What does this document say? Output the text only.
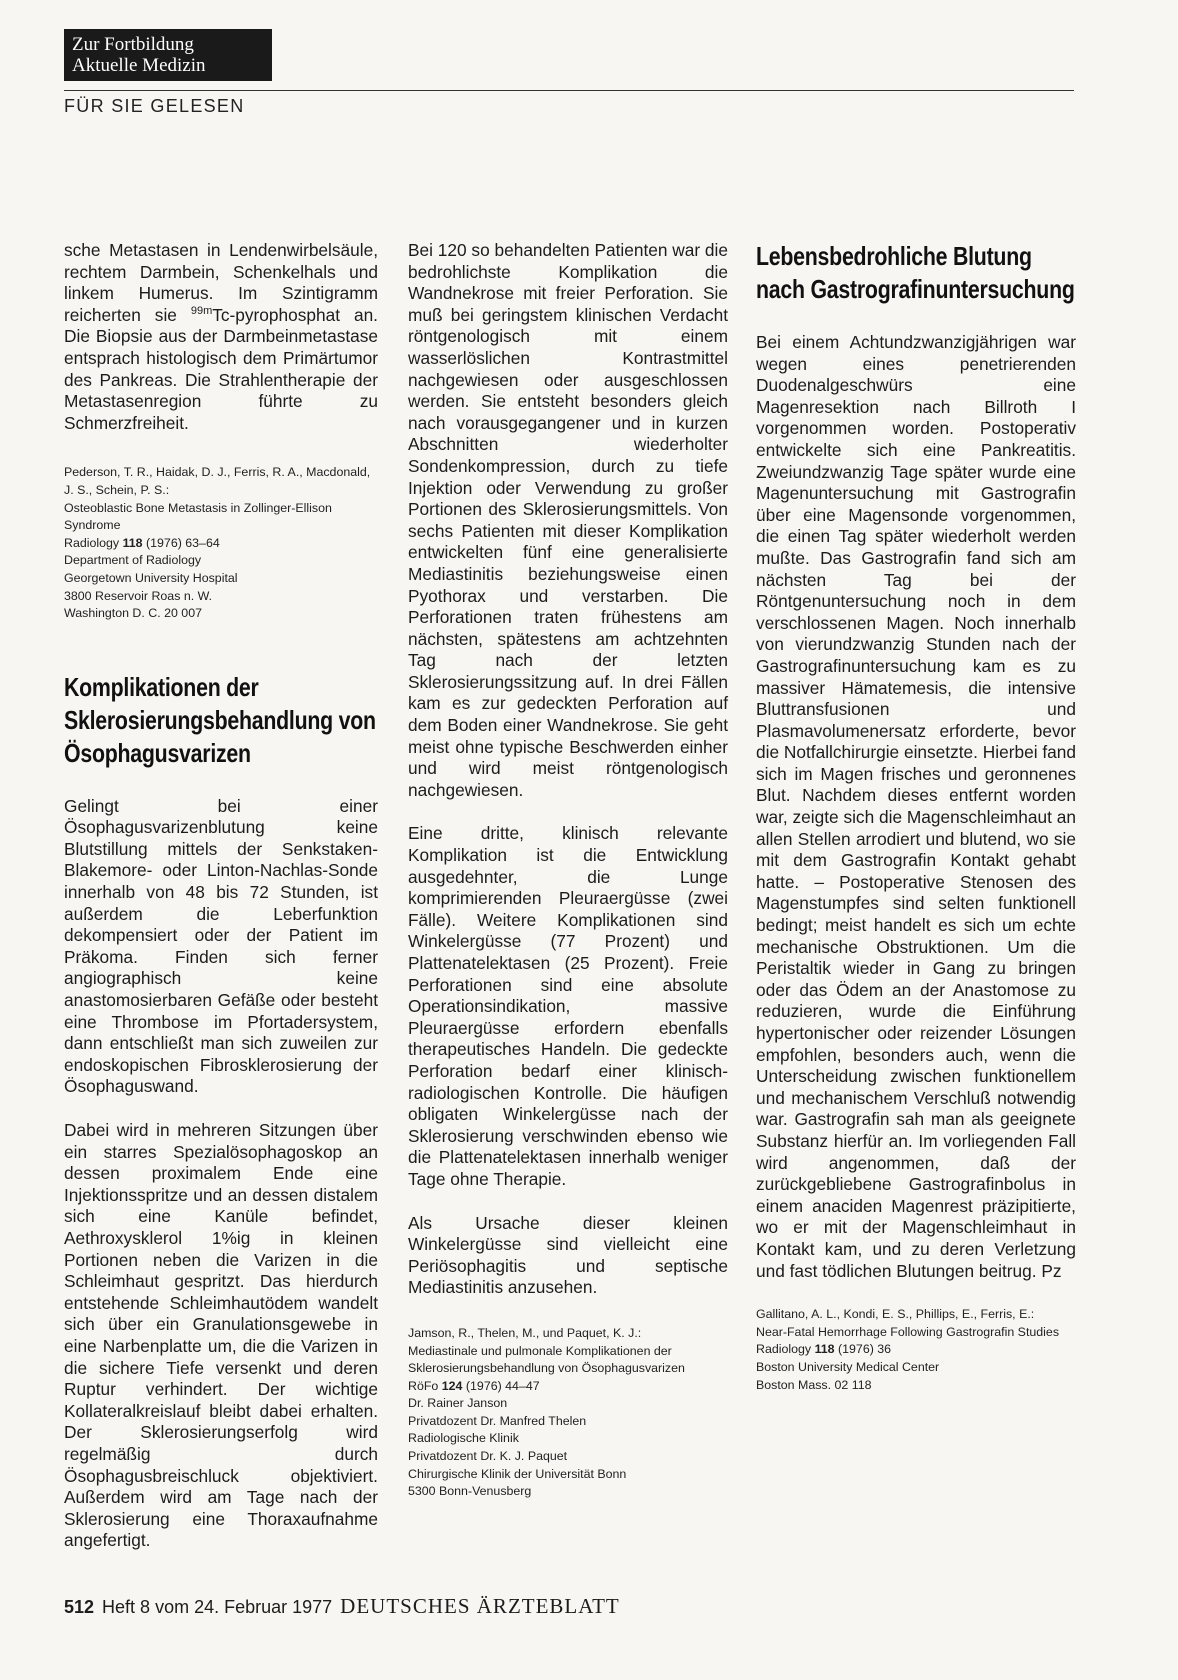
Zur Fortbildung
Aktuelle Medizin
FÜR SIE GELESEN

sche Metastasen in Lendenwirbelsäule, rechtem Darmbein, Schenkelhals und linkem Humerus. Im Szintigramm reicherten sie $^{99m}$Tc-pyrophosphat an. Die Biopsie aus der Darmbeinmetastase entsprach histologisch dem Primärtumor des Pankreas. Die Strahlentherapie der Metastasenregion führte zu Schmerzfreiheit.

Pederson, T. R., Haidak, D. J., Ferris, R. A., Macdonald, J. S., Schein, P. S.:
Osteoblastic Bone Metastasis in Zollinger-Ellison Syndrome
Radiology 118 (1976) 63–64
Department of Radiology
Georgetown University Hospital
3800 Reservoir Roas n. W.
Washington D. C. 20 007
Komplikationen der Sklerosierungsbehandlung von Ösophagusvarizen

Gelingt bei einer Ösophagusvarizenblutung keine Blutstillung mittels der Senkstaken-Blakemore- oder Linton-Nachlas-Sonde innerhalb von 48 bis 72 Stunden, ist außerdem die Leberfunktion dekompensiert oder der Patient im Präkoma. Finden sich ferner angiographisch keine anastomosierbaren Gefäße oder besteht eine Thrombose im Pfortadersystem, dann entschließt man sich zuweilen zur endoskopischen Fibrosklerosierung der Ösophaguswand.

Dabei wird in mehreren Sitzungen über ein starres Spezialösophagoskop an dessen proximalem Ende eine Injektionsspritze und an dessen distalem sich eine Kanüle befindet, Aethroxysklerol 1%ig in kleinen Portionen neben die Varizen in die Schleimhaut gespritzt. Das hierdurch entstehende Schleimhautödem wandelt sich über ein Granulationsgewebe in eine Narbenplatte um, die die Varizen in die sichere Tiefe versenkt und deren Ruptur verhindert. Der wichtige Kollateralkreislauf bleibt dabei erhalten. Der Sklerosierungserfolg wird regelmäßig durch Ösophagusbreischluck objektiviert. Außerdem wird am Tage nach der Sklerosierung eine Thoraxaufnahme angefertigt.

Bei 120 so behandelten Patienten war die bedrohlichste Komplikation die Wandnekrose mit freier Perforation. Sie muß bei geringstem klinischen Verdacht röntgenologisch mit einem wasserlöslichen Kontrastmittel nachgewiesen oder ausgeschlossen werden. Sie entsteht besonders gleich nach vorausgegangener und in kurzen Abschnitten wiederholter Sondenkompression, durch zu tiefe Injektion oder Verwendung zu großer Portionen des Sklerosierungsmittels. Von sechs Patienten mit dieser Komplikation entwickelten fünf eine generalisierte Mediastinitis beziehungsweise einen Pyothorax und verstarben. Die Perforationen traten frühestens am nächsten, spätestens am achtzehnten Tag nach der letzten Sklerosierungssitzung auf. In drei Fällen kam es zur gedeckten Perforation auf dem Boden einer Wandnekrose. Sie geht meist ohne typische Beschwerden einher und wird meist röntgenologisch nachgewiesen.

Eine dritte, klinisch relevante Komplikation ist die Entwicklung ausgedehnter, die Lunge komprimierenden Pleuraergüsse (zwei Fälle). Weitere Komplikationen sind Winkelergüsse (77 Prozent) und Plattenatelektasen (25 Prozent). Freie Perforationen sind eine absolute Operationsindikation, massive Pleuraergüsse erfordern ebenfalls therapeutisches Handeln. Die gedeckte Perforation bedarf einer klinisch-radiologischen Kontrolle. Die häufigen obligaten Winkelergüsse nach der Sklerosierung verschwinden ebenso wie die Plattenatelektasen innerhalb weniger Tage ohne Therapie.

Als Ursache dieser kleinen Winkelergüsse sind vielleicht eine Periösophagitis und septische Mediastinitis anzusehen.

Jamson, R., Thelen, M., und Paquet, K. J.:
Mediastinale und pulmonale Komplikationen der Sklerosierungsbehandlung von Ösophagusvarizen
RöFo 124 (1976) 44–47
Dr. Rainer Janson
Privatdozent Dr. Manfred Thelen
Radiologische Klinik
Privatdozent Dr. K. J. Paquet
Chirurgische Klinik der Universität Bonn
5300 Bonn-Venusberg
Lebensbedrohliche Blutung nach Gastrografinuntersuchung

Bei einem Achtundzwanzigjährigen war wegen eines penetrierenden Duodenalgeschwürs eine Magenresektion nach Billroth I vorgenommen worden. Postoperativ entwickelte sich eine Pankreatitis. Zweiundzwanzig Tage später wurde eine Magenuntersuchung mit Gastrografin über eine Magensonde vorgenommen, die einen Tag später wiederholt werden mußte. Das Gastrografin fand sich am nächsten Tag bei der Röntgenuntersuchung noch in dem verschlossenen Magen. Noch innerhalb von vierundzwanzig Stunden nach der Gastrografinuntersuchung kam es zu massiver Hämatemesis, die intensive Bluttransfusionen und Plasmavolumenersatz erforderte, bevor die Notfallchirurgie einsetzte. Hierbei fand sich im Magen frisches und geronnenes Blut. Nachdem dieses entfernt worden war, zeigte sich die Magenschleimhaut an allen Stellen arrodiert und blutend, wo sie mit dem Gastrografin Kontakt gehabt hatte. – Postoperative Stenosen des Magenstumpfes sind selten funktionell bedingt; meist handelt es sich um echte mechanische Obstruktionen. Um die Peristaltik wieder in Gang zu bringen oder das Ödem an der Anastomose zu reduzieren, wurde die Einführung hypertonischer oder reizender Lösungen empfohlen, besonders auch, wenn die Unterscheidung zwischen funktionellem und mechanischem Verschluß notwendig war. Gastrografin sah man als geeignete Substanz hierfür an. Im vorliegenden Fall wird angenommen, daß der zurückgebliebene Gastrografinbolus in einem anaciden Magenrest präzipitierte, wo er mit der Magenschleimhaut in Kontakt kam, und zu deren Verletzung und fast tödlichen Blutungen beitrug. Pz

Gallitano, A. L., Kondi, E. S., Phillips, E., Ferris, E.:
Near-Fatal Hemorrhage Following Gastrografin Studies
Radiology 118 (1976) 36
Boston University Medical Center
Boston Mass. 02 118
512 Heft 8 vom 24. Februar 1977 DEUTSCHES ÄRZTEBLATT
